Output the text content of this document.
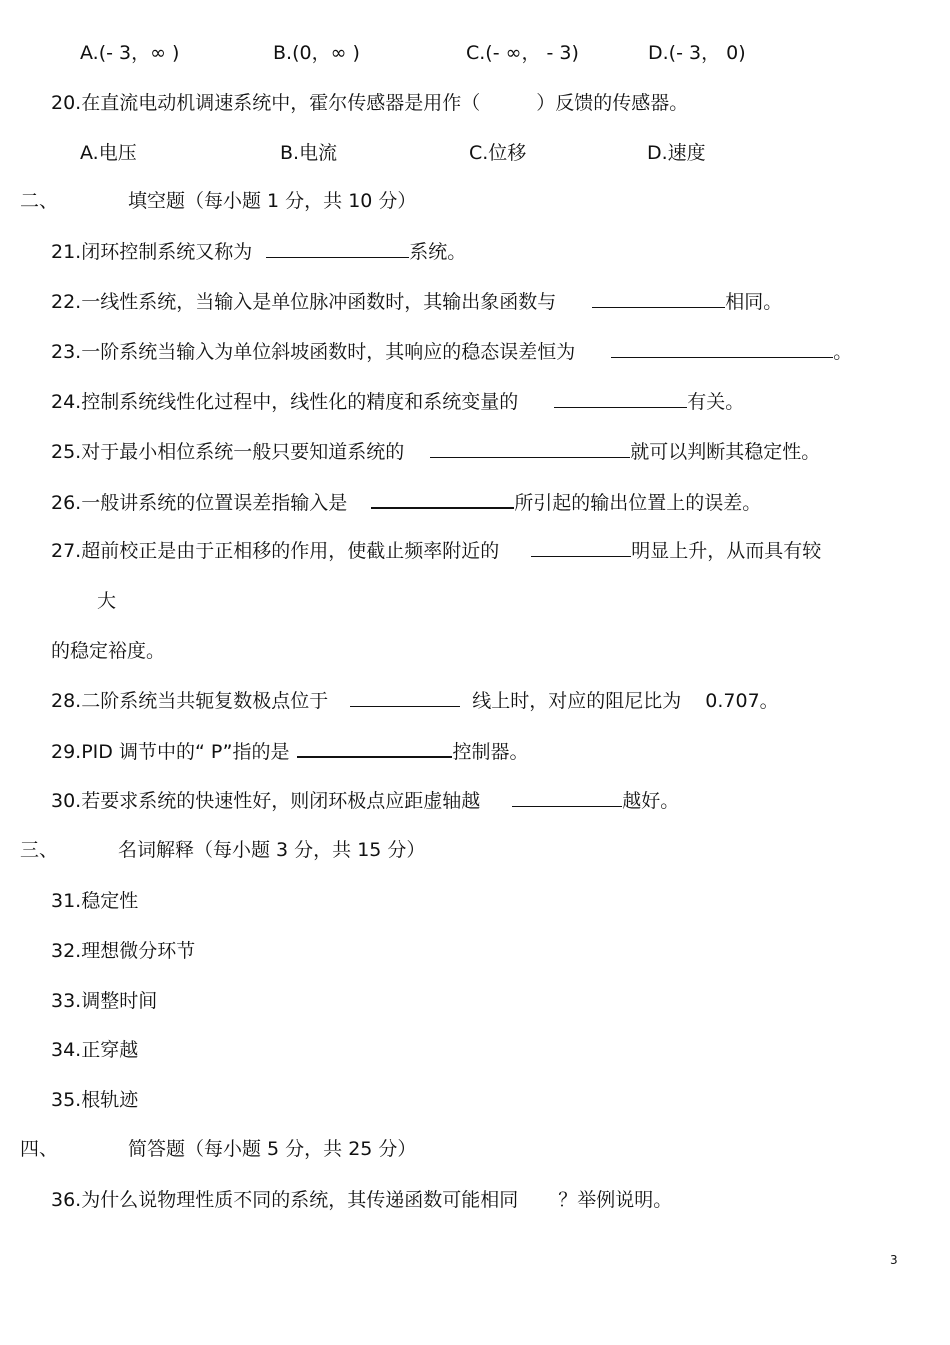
A.(- 3，∞ )	B.(0，∞ )	C.(- ∞， - 3)	D.(- 3， 0)
20.在直流电动机调速系统中，霍尔传感器是用作（	）反馈的传感器。
A.电压	B.电流	C.位移	D.速度
二、	填空题（每小题 1 分，共 10 分）
21.闭环控制系统又称为	系统。
22.一线性系统，当输入是单位脉冲函数时，其输出象函数与	相同。
23.一阶系统当输入为单位斜坡函数时，其响应的稳态误差恒为	。
24.控制系统线性化过程中，线性化的精度和系统变量的	有关。
25.对于最小相位系统一般只要知道系统的	就可以判断其稳定性。
26.一般讲系统的位置误差指输入是	所引起的输出位置上的误差。
27.超前校正是由于正相移的作用，使截止频率附近的	明显上升，从而具有较
大
的稳定裕度。
28.二阶系统当共轭复数极点位于	线上时，对应的阻尼比为 0.707。
29.PID 调节中的“ P”指的是	控制器。
30.若要求系统的快速性好，则闭环极点应距虚轴越	越好。
三、	名词解释（每小题 3 分，共 15 分）
31.稳定性
32.理想微分环节
33.调整时间
34.正穿越
35.根轨迹
四、	简答题（每小题 5 分，共 25 分）
36.为什么说物理性质不同的系统，其传递函数可能相同 ？举例说明。
3
